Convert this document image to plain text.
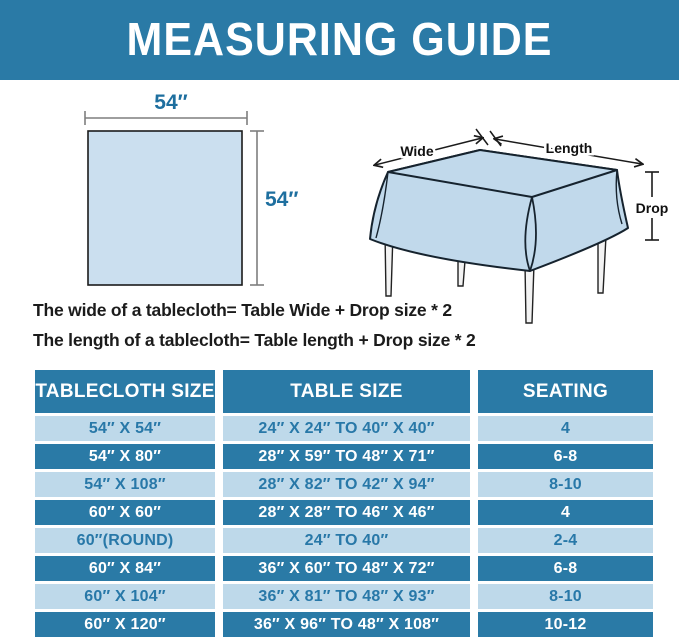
MEASURING GUIDE
54″
54″
Wide	Length
Drop
The wide of a tablecloth= Table Wide + Drop size * 2
The length of a tablecloth= Table length + Drop size * 2
TABLECLOTH SIZE	TABLE SIZE	SEATING
54″ X 54″	24″ X 24″ TO 40″ X 40″	4
54″ X 80″	28″ X 59″ TO 48″ X 71″	6-8
54″ X 108″	28″ X 82″ TO 42″ X 94″	8-10
60″ X 60″	28″ X 28″ TO 46″ X 46″	4
60″(ROUND)	24″ TO 40″	2-4
60″ X 84″	36″ X 60″ TO 48″ X 72″	6-8
60″ X 104″	36″ X 81″ TO 48″ X 93″	8-10
60″ X 120″	36″ X 96″ TO 48″ X 108″	10-12
